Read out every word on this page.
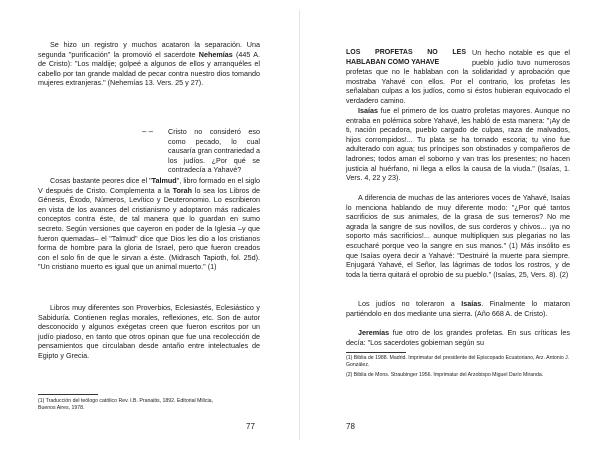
Se hizo un registro y muchos acataron la separación. Una segunda "purificación" la promovió el sacerdote Nehemías (445 A. de Cristo): "Los maldije; golpeé a algunos de ellos y arranquéles el cabello por tan grande maldad de pecar contra nuestro dios tomando mujeres extranjeras." (Nehemías 13. Vers. 25 y 27).

– – Cristo no consideró eso como pecado, lo cual causaría gran contrariedad a los judíos. ¿Por qué se contradecía a Yahavé?

Cosas bastante peores dice el "Talmud", libro formado en el siglo V después de Cristo. Complementa a la Torah lo sea los Libros de Génesis, Éxodo, Números, Levítico y Deuteronomio. Lo escribieron en vista de los avances del cristianismo y adoptaron más radicales conceptos contra éste, de tal manera que lo guardan en sumo secreto. Según versiones que cayeron en poder de la Iglesia –y que fueron quemadas– el "Talmud" dice que Dios les dio a los cristianos forma de hombre para la gloria de Israel, pero que fueron creados con el solo fin de que le sirvan a éste. (Midrasch Tapioth, fol. 25d). "Un cristiano muerto es igual que un animal muerto." (1)

Libros muy diferentes son Proverbios, Eclesiastés, Eclesiástico y Sabiduría. Contienen reglas morales, reflexiones, etc. Son de autor desconocido y algunos exégetas creen que fueron escritos por un judío piadoso, en tanto que otros opinan que fue una recolección de pensamientos que circulaban desde antaño entre intelectuales de Egipto y Grecia.

(1) Traducción del teólogo católico Rev. I.B. Pranaitis, 1892. Editorial Milicia, Buenos Aires, 1978.
77
LOS PROFETAS NO LES HABLABAN COMO YAHAVE
Un hecho notable es que el pueblo judío tuvo numerosos profetas que no le hablaban con la solidaridad y aprobación que mostraba Yahavé con ellos. Por el contrario, los profetas les señalaban culpas a los judíos, como si éstos hubieran equivocado el verdadero camino.

Isaías fue el primero de los cuatro profetas mayores. Aunque no entraba en polémica sobre Yahavé, les habló de esta manera: "¡Ay de ti, nación pecadora, pueblo cargado de culpas, raza de malvados, hijos corrompidos!... Tu plata se ha tornado escoria; tu vino fue adulterado con agua; tus príncipes son obstinados y compañeros de ladrones; todos aman el soborno y van tras los presentes; no hacen justicia al huérfano, ni llega a ellos la causa de la viuda." (Isaías, 1. Vers. 4, 22 y 23).

A diferencia de muchas de las anteriores voces de Yahavé, Isaías lo menciona hablando de muy diferente modo: "¿Por qué tantos sacrificios de sus animales, de la grasa de sus terneros? No me agrada la sangre de sus novillos, de sus corderos y chivos... ¡ya no soporto más sacrificios!... aunque multipliquen sus plegarias no las escucharé porque veo la sangre en sus manos." (1) Más insólito es que Isaías oyera decir a Yahavé: "Destruiré la muerte para siempre. Enjugará Yahavé, el Señor, las lágrimas de todos los rostros, y de toda la tierra quitará el oprobio de su pueblo." (Isaías, 25, Vers. 8). (2)

Los judíos no toleraron a Isaías. Finalmente lo mataron partiéndolo en dos mediante una sierra. (Año 668 A. de Cristo).

Jeremías fue otro de los grandes profetas. En sus críticas les decía: "Los sacerdotes gobiernan según su

(1) Biblia de 1988. Madrid. Imprimatur del presidente del Episcopado Ecuatoriano, Arz. Antonio J. González.
(2) Biblia de Mons. Straubinger 1956. Imprimatur del Arzobispo Miguel Darío Miranda.
78
